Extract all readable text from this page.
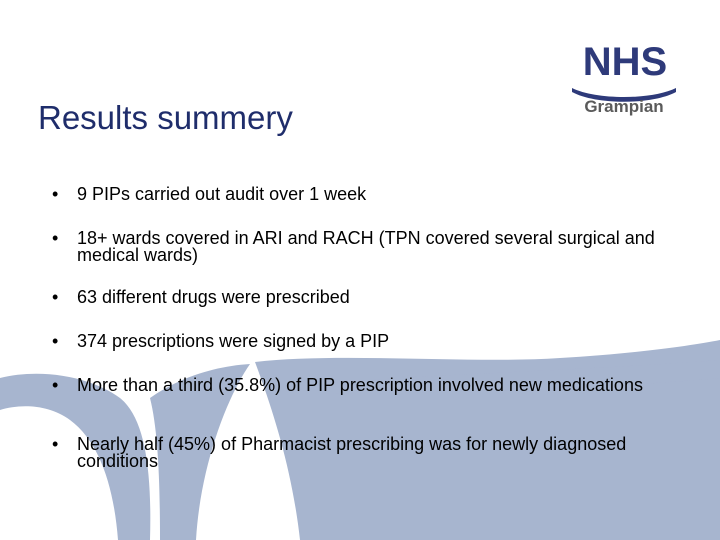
NHS
Grampian
Results summery
•	9 PIPs carried out audit over 1 week
•	18+ wards covered in ARI and RACH (TPN covered several surgical and medical wards)
•	63 different drugs were prescribed
•	374 prescriptions were signed by a PIP
•	More than a third (35.8%) of PIP prescription involved new medications
•	Nearly half (45%) of Pharmacist prescribing was for newly diagnosed conditions
